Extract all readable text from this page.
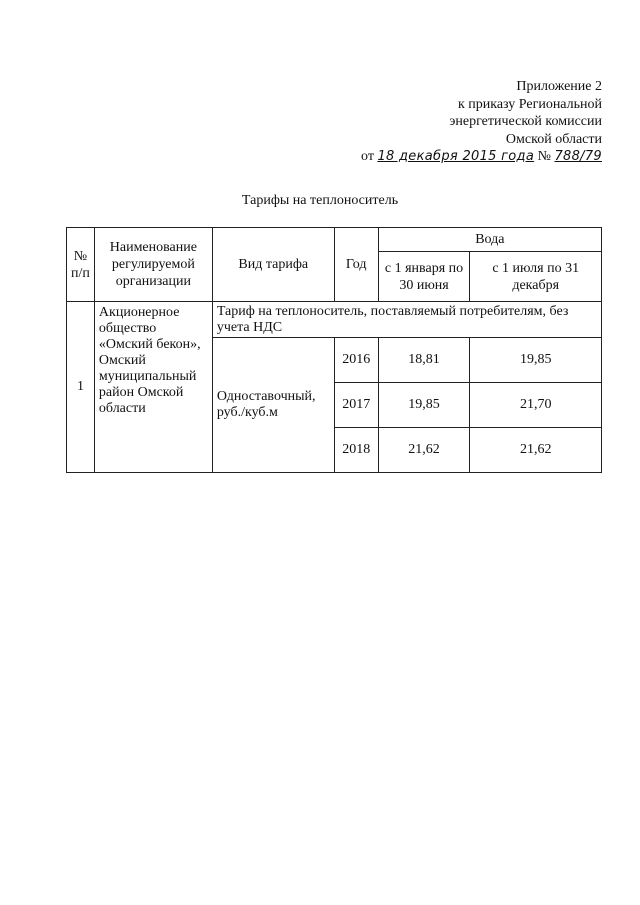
Приложение 2
к приказу Региональной
энергетической комиссии
Омской области
от 18 декабря 2015 года № 788/79
Тарифы на теплоноситель
№ п/п	Наименование регулируемой организации	Вид тарифа	Год	Вода	
				с 1 января по 30 июня	с 1 июля по 31 декабря
1	Акционерное общество «Омский бекон», Омский муниципальный район Омской области	Тариф на теплоноситель, поставляемый потребителям, без учета НДС			
		Одноставочный, руб./куб.м	2016	18,81	19,85
			2017	19,85	21,70
			2018	21,62	21,62
